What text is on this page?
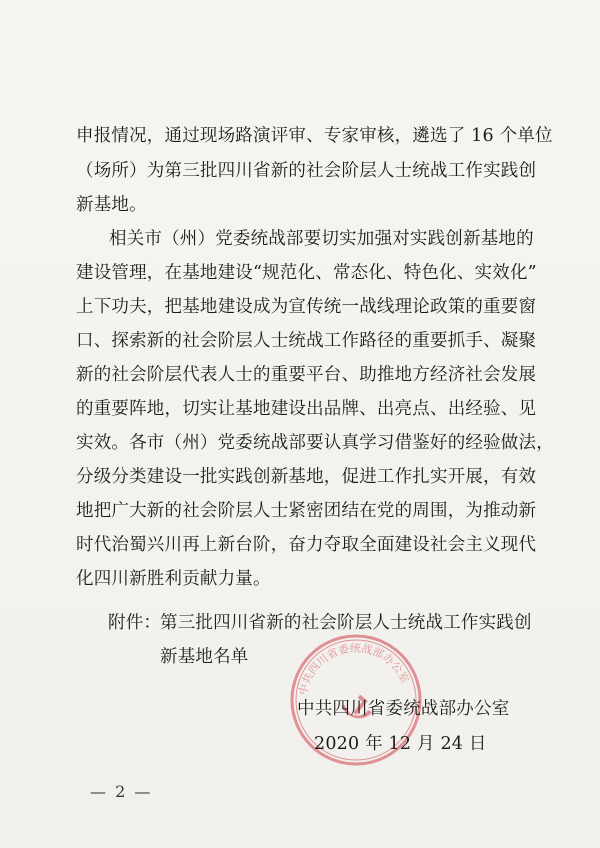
申报情况，通过现场路演评审、专家审核，遴选了 16 个单位
（场所）为第三批四川省新的社会阶层人士统战工作实践创
新基地。
相关市（州）党委统战部要切实加强对实践创新基地的
建设管理，在基地建设“规范化、常态化、特色化、实效化”
上下功夫，把基地建设成为宣传统一战线理论政策的重要窗
口、探索新的社会阶层人士统战工作路径的重要抓手、凝聚
新的社会阶层代表人士的重要平台、助推地方经济社会发展
的重要阵地，切实让基地建设出品牌、出亮点、出经验、见
实效。各市（州）党委统战部要认真学习借鉴好的经验做法，
分级分类建设一批实践创新基地，促进工作扎实开展，有效
地把广大新的社会阶层人士紧密团结在党的周围，为推动新
时代治蜀兴川再上新台阶，奋力夺取全面建设社会主义现代
化四川新胜利贡献力量。
附件：
第三批四川省新的社会阶层人士统战工作实践创
新基地名单
中共四川省委统战部办公室
中共四川省委统战部办公室
2020 年 12 月 24 日
— 2 —
